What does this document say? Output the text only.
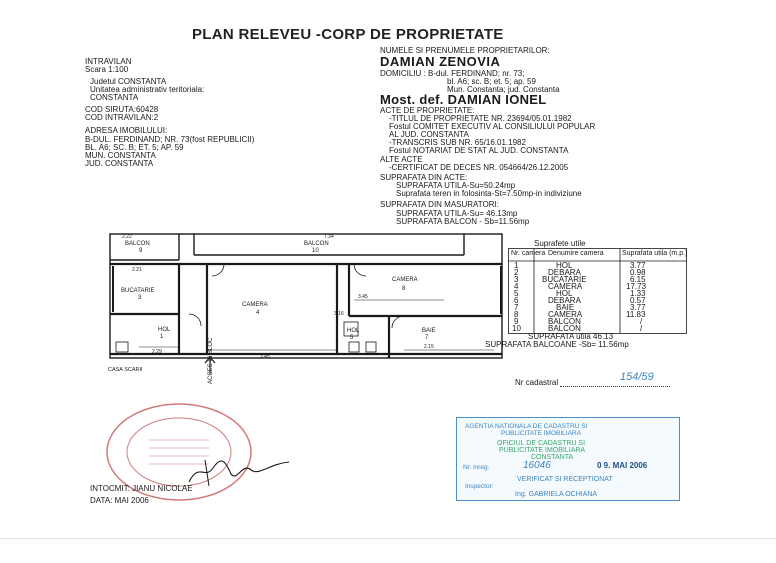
PLAN RELEVEU -CORP DE PROPRIETATE
INTRAVILAN
Scara 1:100
Judetul CONSTANTA
Unitatea administrativ teritoriala:
CONSTANTA
COD SIRUTA:60428
COD INTRAVILAN:2
ADRESA IMOBILULUI:
B-DUL. FERDINAND; NR. 73(fost REPUBLICII)
BL. A6; SC. B; ET. 5; AP. 59
MUN. CONSTANTA
JUD. CONSTANTA
NUMELE SI PRENUMELE PROPRIETARILOR:
DAMIAN ZENOVIA
DOMICILIU : B-dul. FERDINAND; nr. 73;
bl. A6; sc. B; et. 5; ap. 59
Mun. Constanta; jud. Constanta
Most. def. DAMIAN IONEL
ACTE DE PROPRIETATE:
-TITLUL DE PROPRIETATE NR. 23694/05.01.1982
Fostul COMITET EXECUTIV AL CONSILIULUI POPULAR
AL JUD. CONSTANTA
-TRANSCRIS SUB NR. 65/16.01.1982
Fostul NOTARIAT DE STAT AL JUD. CONSTANTA
ALTE ACTE
-CERTIFICAT DE DECES NR. 054664/26.12.2005
SUPRAFATA DIN ACTE:
SUPRAFATA UTILA-Su=50.24mp
Suprafata teren in folosinta-St=7.50mp-in indiviziune
SUPRAFATA DIN MASURATORI:
SUPRAFATA UTILA-Su= 46.13mp
SUPRAFATA BALCON - Sb=11.56mp
BALCON
9
BALCON
10
BUCATARIE
3
CAMERA
4
CAMERA
8
HOL
1
HOL
5
BAIE
7
2.22	7.34
2.21
3.45
3.45
2.29
2.15
3.16
CASA SCARII	ACCES IN BLOC
Suprafete utile
Nr. camera Denumire camera	Suprafata utila (m.p.)
1	HOL	3.77
2	DEBARA	0.98
3	BUCATARIE	6.15
4	CAMERA	17.73
5	HOL	1.33
6	DEBARA	0.57
7	BAIE	3.77
8	CAMERA	11.83
9	BALCON	/
10	BALCON	/
SUPRAFATA utila 46.13
SUPRAFATA BALCOANE -Sb= 11.56mp
Nr cadastral	154/59
AGENTIA NATIONALA DE CADASTRU SI
PUBLICITATE IMOBILIARA
OFICIUL DE CADASTRU SI
PUBLICITATE IMOBILIARA
CONSTANTA
Nr. inreg.	16046	0 9. MAI 2006
VERIFICAT SI RECEPTIONAT
Inspector:
Ing. GABRIELA OCHIANA
INTOCMIT: JIANU NICOLAE
DATA: MAI 2006
